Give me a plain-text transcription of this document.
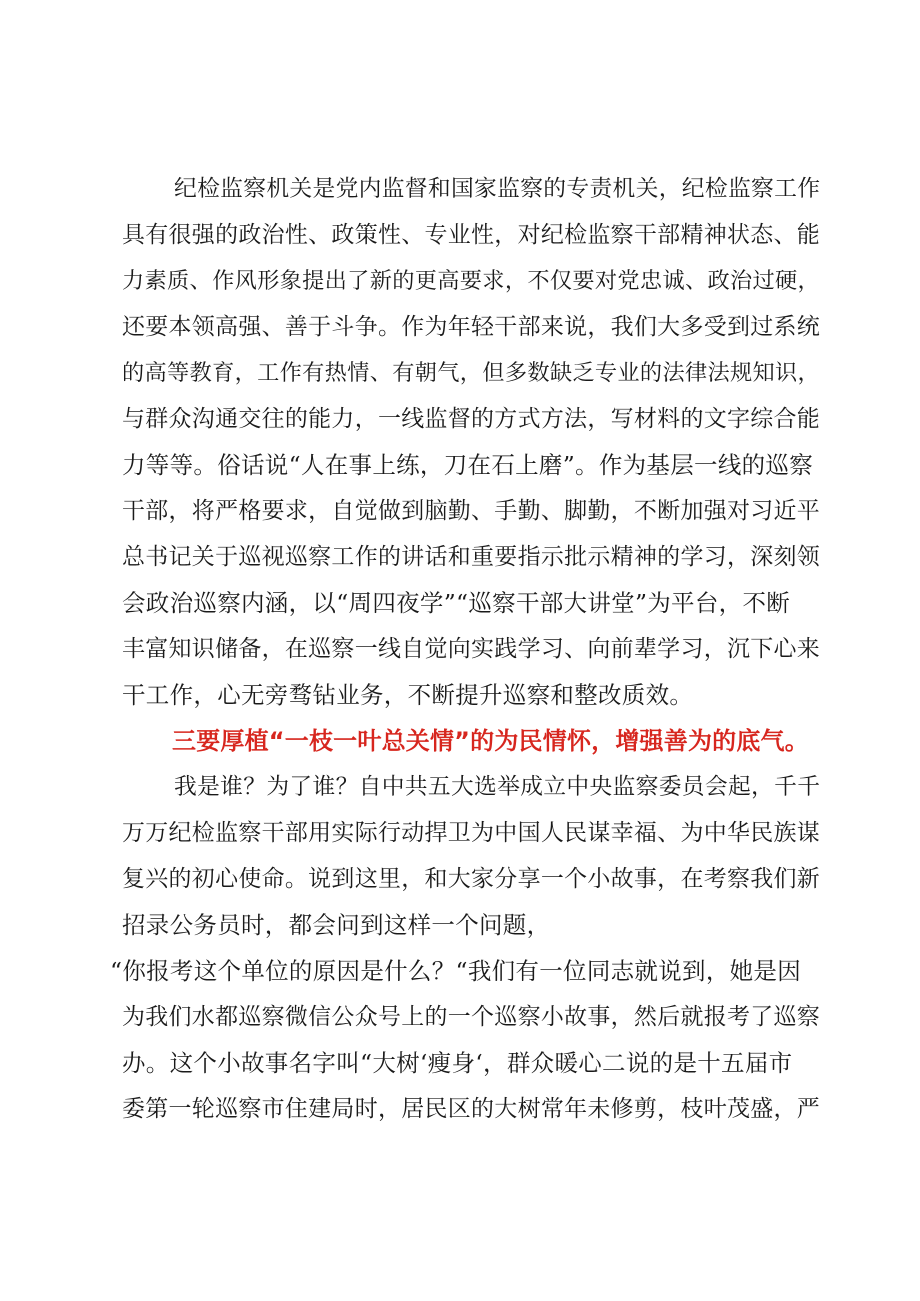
纪检监察机关是党内监督和国家监察的专责机关，纪检监察工作
具有很强的政治性、政策性、专业性，对纪检监察干部精神状态、能
力素质、作风形象提出了新的更高要求，不仅要对党忠诚、政治过硬，
还要本领高强、善于斗争。作为年轻干部来说，我们大多受到过系统
的高等教育，工作有热情、有朝气，但多数缺乏专业的法律法规知识，
与群众沟通交往的能力，一线监督的方式方法，写材料的文字综合能
力等等。俗话说“人在事上练，刀在石上磨”。作为基层一线的巡察
干部，将严格要求，自觉做到脑勤、手勤、脚勤，不断加强对习近平
总书记关于巡视巡察工作的讲话和重要指示批示精神的学习，深刻领
会政治巡察内涵，以“周四夜学”“巡察干部大讲堂”为平台，不断
丰富知识储备，在巡察一线自觉向实践学习、向前辈学习，沉下心来
干工作，心无旁骛钻业务，不断提升巡察和整改质效。
三要厚植“一枝一叶总关情”的为民情怀，增强善为的底气。
我是谁？为了谁？自中共五大选举成立中央监察委员会起，千千
万万纪检监察干部用实际行动捍卫为中国人民谋幸福、为中华民族谋
复兴的初心使命。说到这里，和大家分享一个小故事，在考察我们新
招录公务员时，都会问到这样一个问题，
“你报考这个单位的原因是什么？“我们有一位同志就说到，她是因
为我们水都巡察微信公众号上的一个巡察小故事，然后就报考了巡察
办。这个小故事名字叫“大树‘瘦身‘，群众暖心二说的是十五届市
委第一轮巡察市住建局时，居民区的大树常年未修剪，枝叶茂盛，严
